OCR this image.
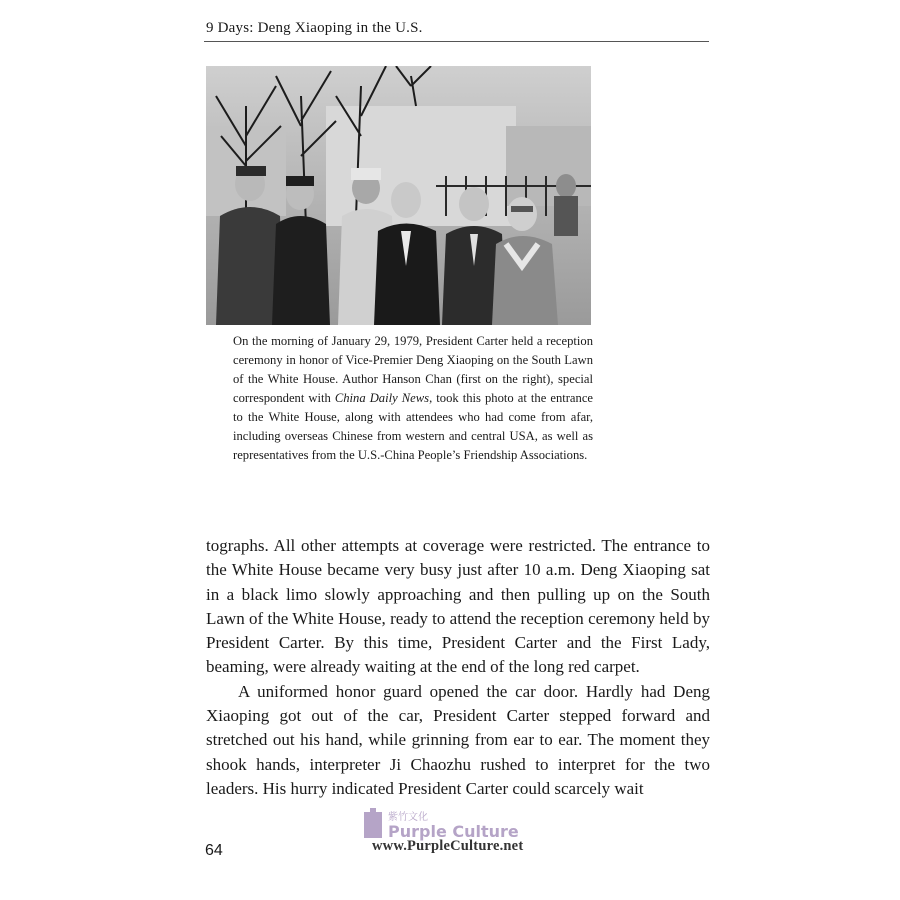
9 Days: Deng Xiaoping in the U.S.
On the morning of January 29, 1979, President Carter held a reception ceremony in honor of Vice-Premier Deng Xiaoping on the South Lawn of the White House. Author Hanson Chan (first on the right), special correspondent with China Daily News, took this photo at the entrance to the White House, along with attendees who had come from afar, including overseas Chinese from western and central USA, as well as representatives from the U.S.-China People’s Friendship Associations.

tographs. All other attempts at coverage were restricted. The entrance to the White House became very busy just after 10 a.m. Deng Xiaoping sat in a black limo slowly approaching and then pulling up on the South Lawn of the White House, ready to attend the reception ceremony held by President Carter. By this time, President Carter and the First Lady, beaming, were already waiting at the end of the long red carpet.

A uniformed honor guard opened the car door. Hardly had Deng Xiaoping got out of the car, President Carter stepped forward and stretched out his hand, while grinning from ear to ear. The moment they shook hands, interpreter Ji Chaozhu rushed to interpret for the two leaders. His hurry indicated President Carter could scarcely wait

64
紫竹文化
Purple Culture
www.PurpleCulture.net
